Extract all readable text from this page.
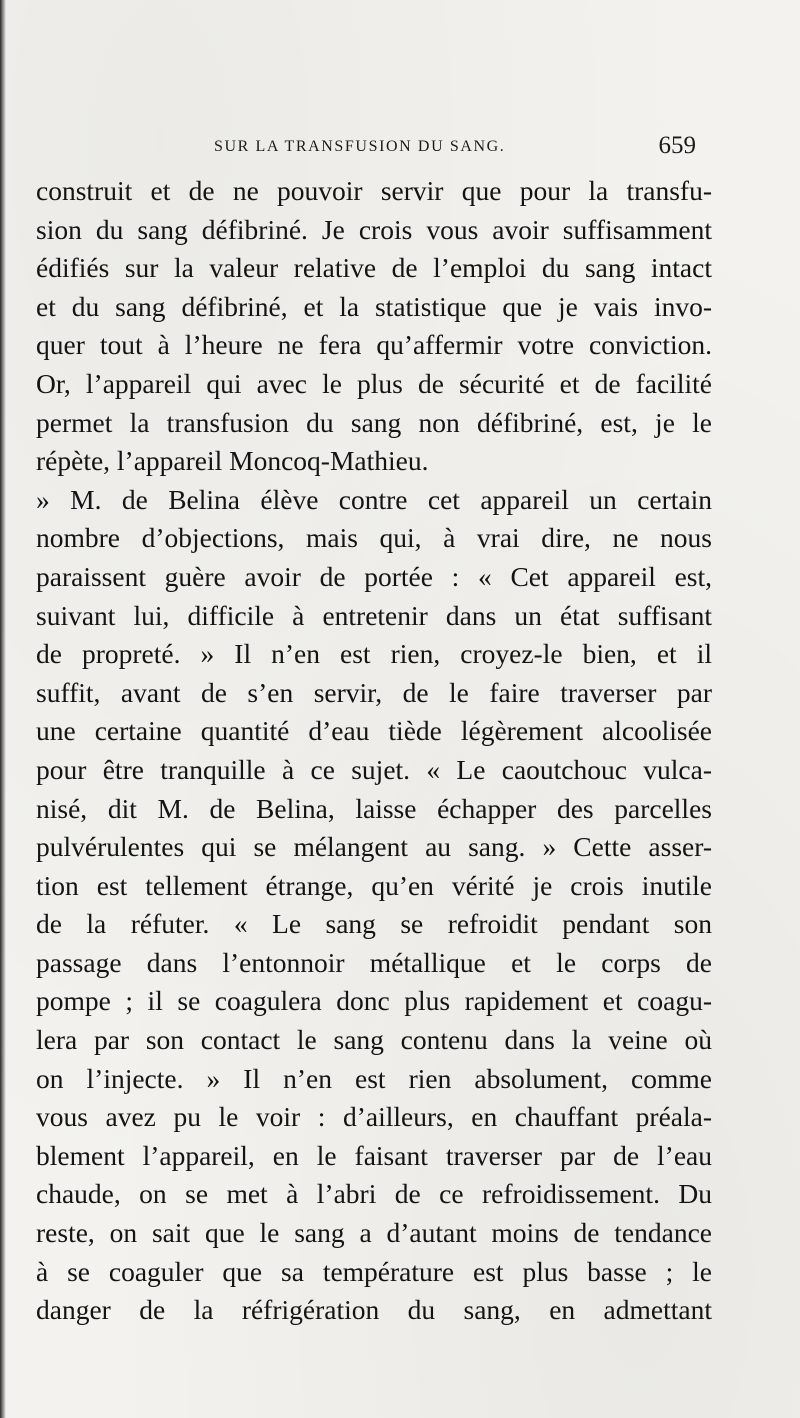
SUR LA TRANSFUSION DU SANG.	659
construit et de ne pouvoir servir que pour la transfu-
sion du sang défibriné. Je crois vous avoir suffisamment
édifiés sur la valeur relative de l’emploi du sang intact
et du sang défibriné, et la statistique que je vais invo-
quer tout à l’heure ne fera qu’affermir votre conviction.
Or, l’appareil qui avec le plus de sécurité et de facilité
permet la transfusion du sang non défibriné, est, je le
répète, l’appareil Moncoq-Mathieu.
» M. de Belina élève contre cet appareil un certain
nombre d’objections, mais qui, à vrai dire, ne nous
paraissent guère avoir de portée : « Cet appareil est,
suivant lui, difficile à entretenir dans un état suffisant
de propreté. » Il n’en est rien, croyez-le bien, et il
suffit, avant de s’en servir, de le faire traverser par
une certaine quantité d’eau tiède légèrement alcoolisée
pour être tranquille à ce sujet. « Le caoutchouc vulca-
nisé, dit M. de Belina, laisse échapper des parcelles
pulvérulentes qui se mélangent au sang. » Cette asser-
tion est tellement étrange, qu’en vérité je crois inutile
de la réfuter. « Le sang se refroidit pendant son
passage dans l’entonnoir métallique et le corps de
pompe ; il se coagulera donc plus rapidement et coagu-
lera par son contact le sang contenu dans la veine où
on l’injecte. » Il n’en est rien absolument, comme
vous avez pu le voir : d’ailleurs, en chauffant préala-
blement l’appareil, en le faisant traverser par de l’eau
chaude, on se met à l’abri de ce refroidissement. Du
reste, on sait que le sang a d’autant moins de tendance
à se coaguler que sa température est plus basse ; le
danger de la réfrigération du sang, en admettant
